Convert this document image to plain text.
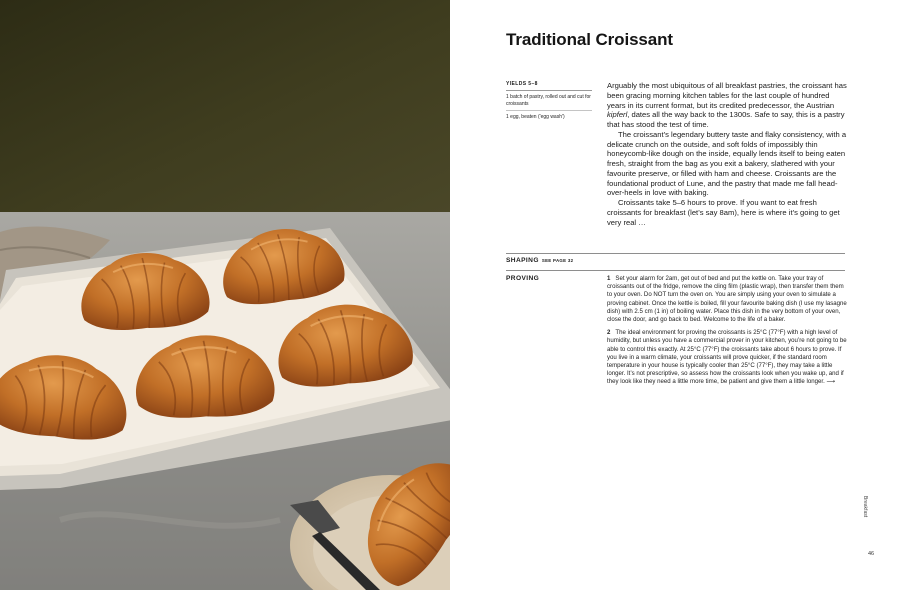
Traditional Croissant
YIELDS 5–8
1 batch of pastry, rolled out and cut for croissants
1 egg, beaten ('egg wash')

Arguably the most ubiquitous of all breakfast pastries, the croissant has been gracing morning kitchen tables for the last couple of hundred years in its current format, but its credited predecessor, the Austrian kipferl, dates all the way back to the 1300s. Safe to say, this is a pastry that has stood the test of time.

The croissant’s legendary buttery taste and flaky consistency, with a delicate crunch on the outside, and soft folds of impossibly thin honeycomb-like dough on the inside, equally lends itself to being eaten fresh, straight from the bag as you exit a bakery, slathered with your favourite preserve, or filled with ham and cheese. Croissants are the foundational product of Lune, and the pastry that made me fall head-over-heels in love with baking.

Croissants take 5–6 hours to prove. If you want to eat fresh croissants for breakfast (let’s say 8am), here is where it’s going to get very real …

SHAPING SEE PAGE 32
PROVING	1 Set your alarm for 2am, get out of bed and put the kettle on. Take your tray of croissants out of the fridge, remove the cling film (plastic wrap), then transfer them them to your oven. Do NOT turn the oven on. You are simply using your oven to simulate a proving cabinet. Once the kettle is boiled, fill your favourite baking dish (I use my lasagne dish) with 2.5 cm (1 in) of boiling water. Place this dish in the very bottom of your oven, close the door, and go back to bed. Welcome to the life of a baker.
2 The ideal environment for proving the croissants is 25°C (77°F) with a high level of humidity, but unless you have a commercial prover in your kitchen, you’re not going to be able to control this exactly. At 25°C (77°F) the croissants take about 6 hours to prove. If you live in a warm climate, your croissants will prove quicker, if the standard room temperature in your house is typically cooler than 25°C (77°F), they may take a little longer. It’s not prescriptive, so assess how the croissants look when you wake up, and if they look like they need a little more time, be patient and give them a little longer. ⟶
Breakfast
46
